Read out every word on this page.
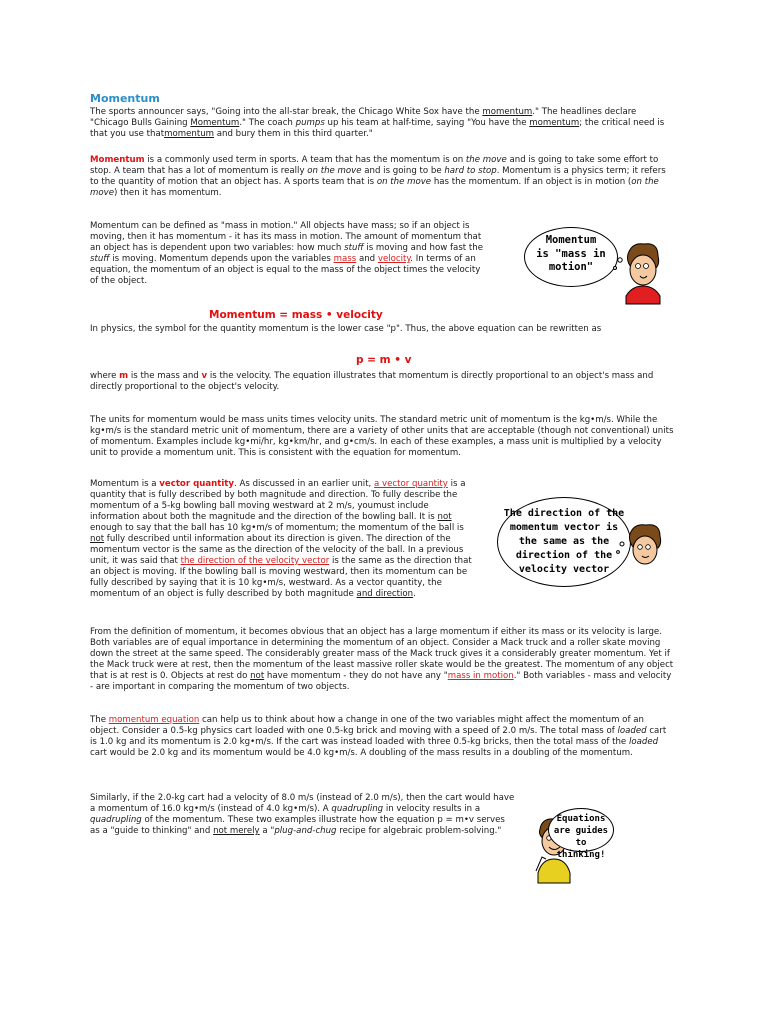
Momentum

The sports announcer says, "Going into the all-star break, the Chicago White Sox have the momentum." The headlines declare "Chicago Bulls Gaining Momentum." The coach pumps up his team at half-time, saying "You have the momentum; the critical need is that you use thatmomentum and bury them in this third quarter."

Momentum is a commonly used term in sports. A team that has the momentum is on the move and is going to take some effort to stop. A team that has a lot of momentum is really on the move and is going to be hard to stop. Momentum is a physics term; it refers to the quantity of motion that an object has. A sports team that is on the move has the momentum. If an object is in motion (on the move) then it has momentum.

Momentum can be defined as "mass in motion." All objects have mass; so if an object is moving, then it has momentum - it has its mass in motion. The amount of momentum that an object has is dependent upon two variables: how much stuff is moving and how fast the stuff is moving. Momentum depends upon the variables mass and velocity. In terms of an equation, the momentum of an object is equal to the mass of the object times the velocity of the object.

Momentum
is "mass in
motion"
Momentum = mass • velocity

In physics, the symbol for the quantity momentum is the lower case "p". Thus, the above equation can be rewritten as

p = m • v

where m is the mass and v is the velocity. The equation illustrates that momentum is directly proportional to an object's mass and directly proportional to the object's velocity.

The units for momentum would be mass units times velocity units. The standard metric unit of momentum is the kg•m/s. While the kg•m/s is the standard metric unit of momentum, there are a variety of other units that are acceptable (though not conventional) units of momentum. Examples include kg•mi/hr, kg•km/hr, and g•cm/s. In each of these examples, a mass unit is multiplied by a velocity unit to provide a momentum unit. This is consistent with the equation for momentum.

Momentum is a vector quantity. As discussed in an earlier unit, a vector quantity is a quantity that is fully described by both magnitude and direction. To fully describe the momentum of a 5-kg bowling ball moving westward at 2 m/s, youmust include information about both the magnitude and the direction of the bowling ball. It is not enough to say that the ball has 10 kg•m/s of momentum; the momentum of the ball is not fully described until information about its direction is given. The direction of the momentum vector is the same as the direction of the velocity of the ball. In a previous unit, it was said that the direction of the velocity vector is the same as the direction that an object is moving. If the bowling ball is moving westward, then its momentum can be fully described by saying that it is 10 kg•m/s, westward. As a vector quantity, the momentum of an object is fully described by both magnitude and direction.

The direction of the
momentum vector is
the same as the
direction of the
velocity vector

From the definition of momentum, it becomes obvious that an object has a large momentum if either its mass or its velocity is large. Both variables are of equal importance in determining the momentum of an object. Consider a Mack truck and a roller skate moving down the street at the same speed. The considerably greater mass of the Mack truck gives it a considerably greater momentum. Yet if the Mack truck were at rest, then the momentum of the least massive roller skate would be the greatest. The momentum of any object that is at rest is 0. Objects at rest do not have momentum - they do not have any "mass in motion." Both variables - mass and velocity - are important in comparing the momentum of two objects.

The momentum equation can help us to think about how a change in one of the two variables might affect the momentum of an object. Consider a 0.5-kg physics cart loaded with one 0.5-kg brick and moving with a speed of 2.0 m/s. The total mass of loaded cart is 1.0 kg and its momentum is 2.0 kg•m/s. If the cart was instead loaded with three 0.5-kg bricks, then the total mass of the loaded cart would be 2.0 kg and its momentum would be 4.0 kg•m/s. A doubling of the mass results in a doubling of the momentum.

Similarly, if the 2.0-kg cart had a velocity of 8.0 m/s (instead of 2.0 m/s), then the cart would have a momentum of 16.0 kg•m/s (instead of 4.0 kg•m/s). A quadrupling in velocity results in a quadrupling of the momentum. These two examples illustrate how the equation p = m•v serves as a "guide to thinking" and not merely a "plug-and-chug recipe for algebraic problem-solving."

Equations
are guides
to thinking!
